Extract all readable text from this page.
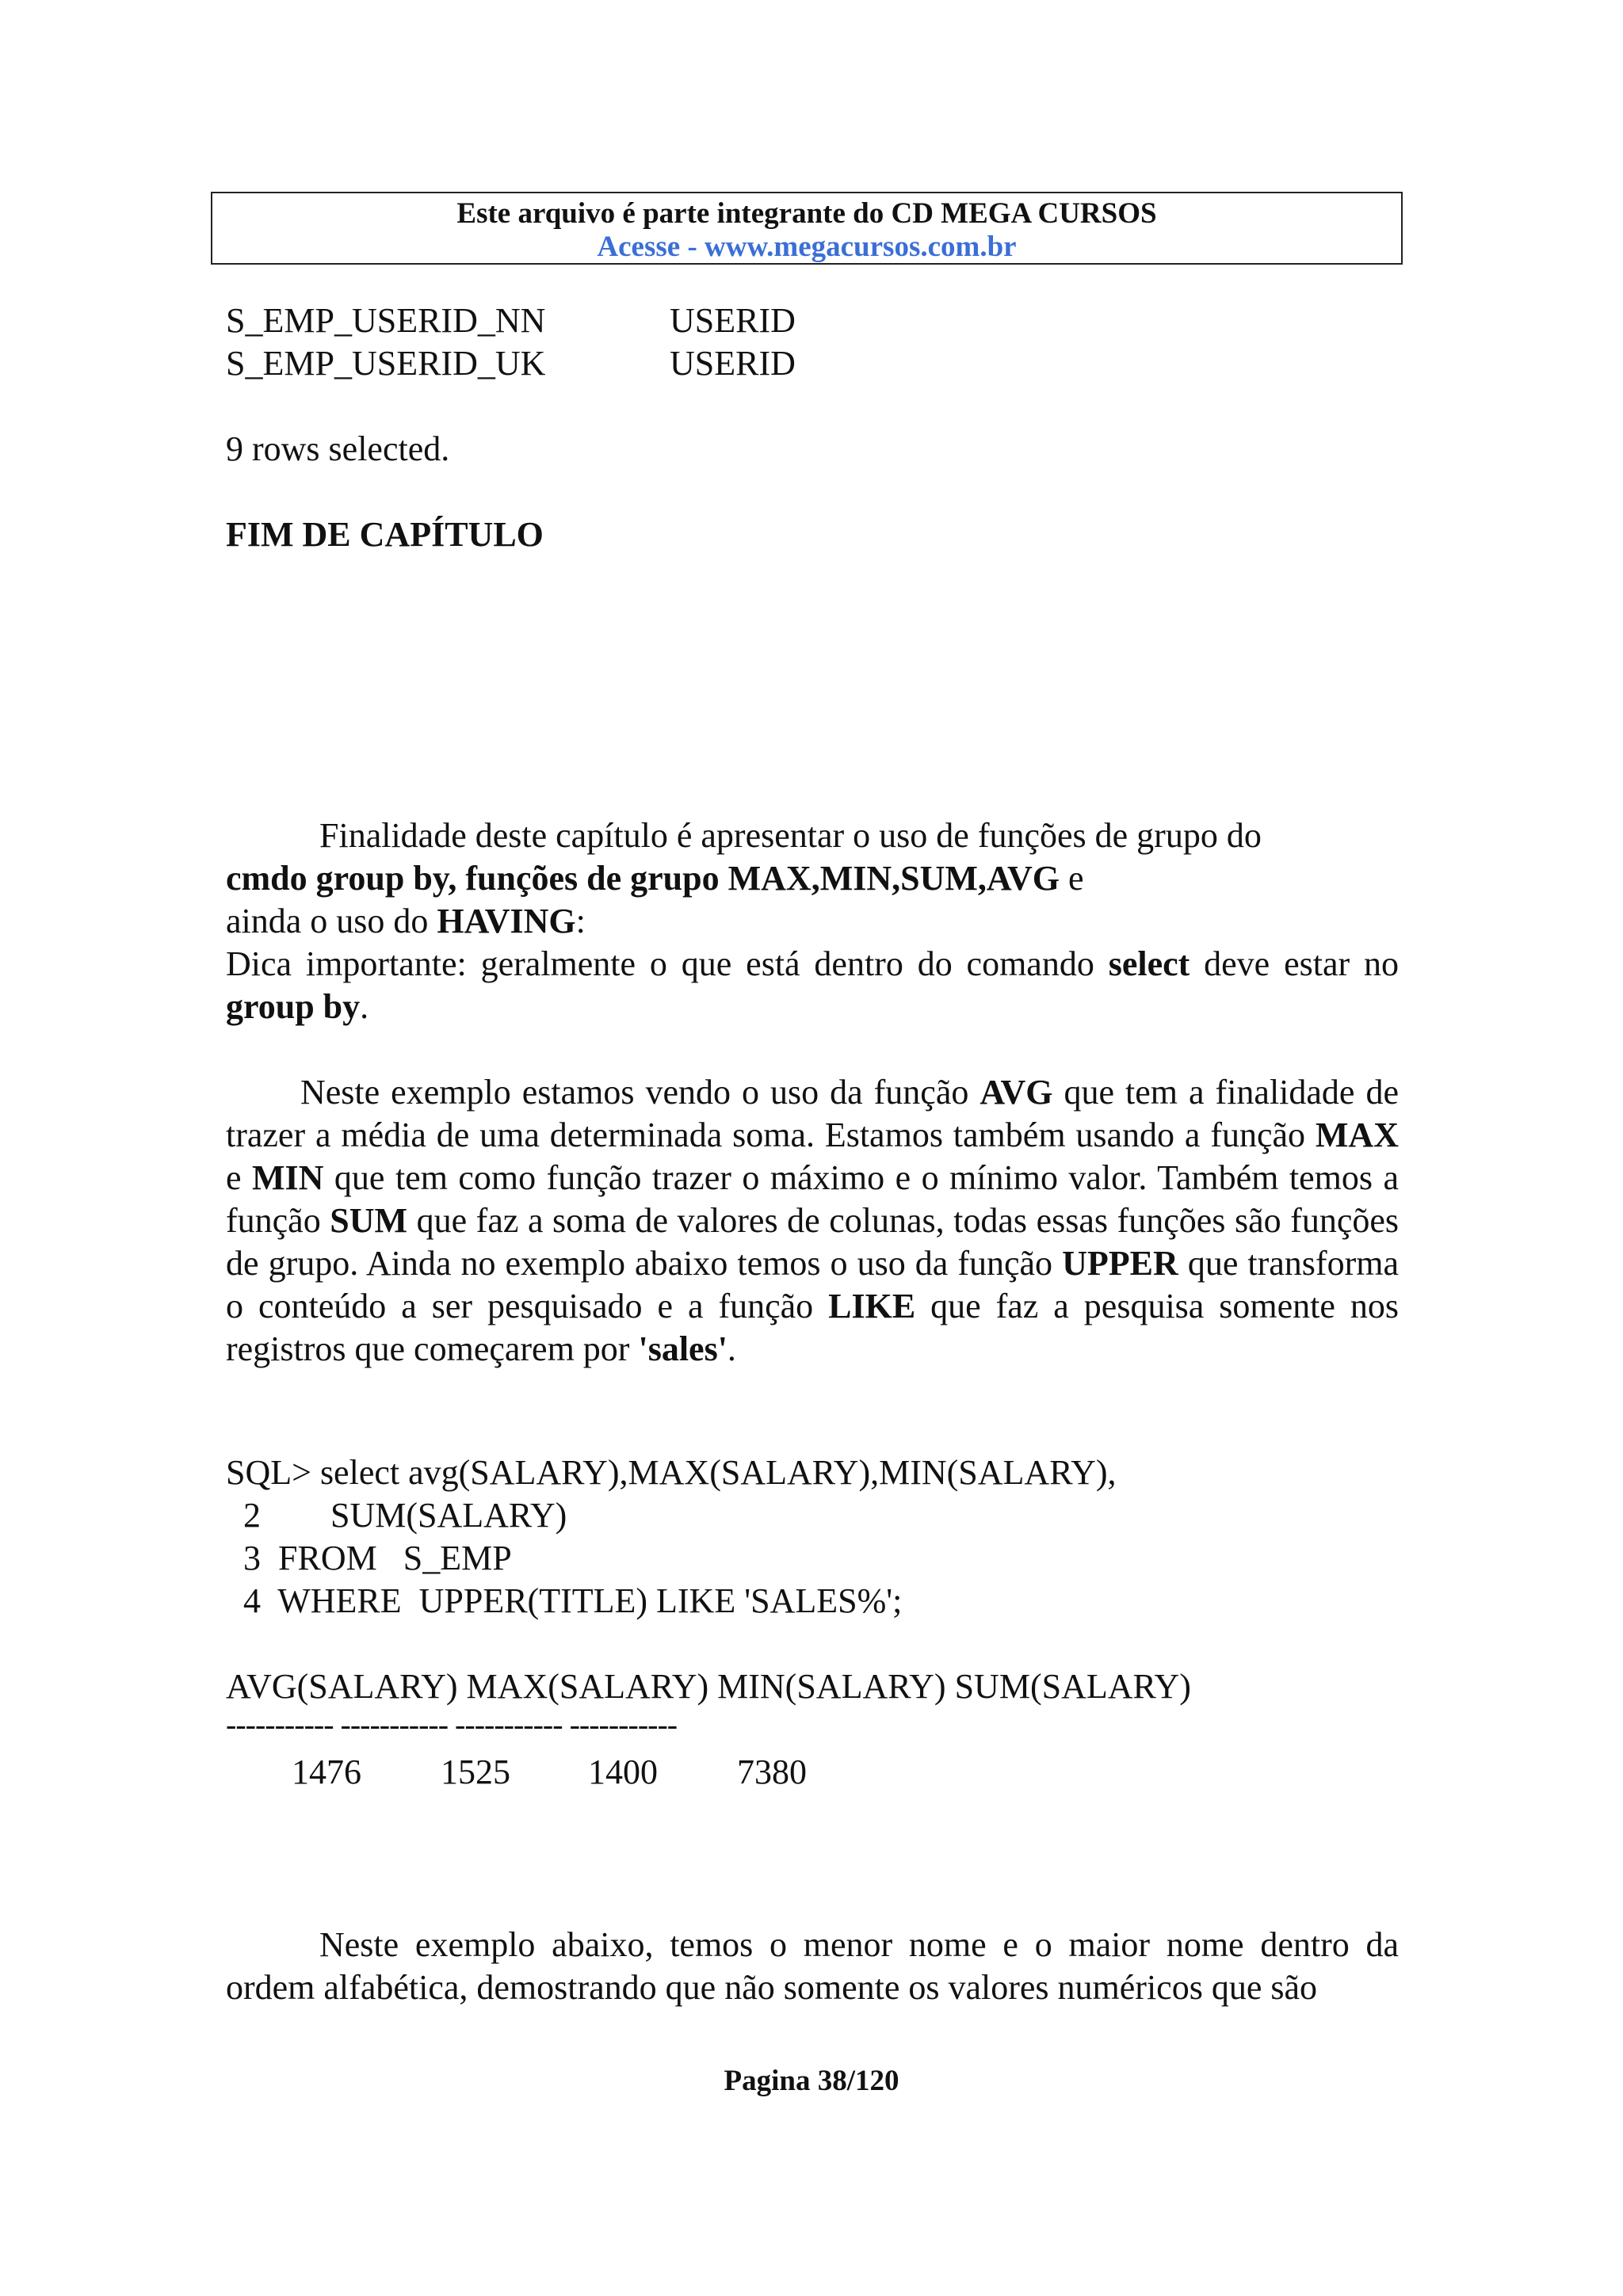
Este arquivo é parte integrante do CD MEGA CURSOS
Acesse - www.megacursos.com.br
S_EMP_USERID_NN	USERID
S_EMP_USERID_UK	USERID
9 rows selected.
FIM DE CAPÍTULO
Finalidade deste capítulo é apresentar o uso de funções de grupo do
cmdo group by, funções de grupo MAX,MIN,SUM,AVG e
ainda o uso do HAVING:
Dica importante: geralmente o que está dentro do comando select deve estar no group by.
Neste exemplo estamos vendo o uso da função AVG que tem a finalidade de trazer a média de uma determinada soma. Estamos também usando a função MAX e MIN que tem como função trazer o máximo e o mínimo valor. Também temos a função SUM que faz a soma de valores de colunas, todas essas funções são funções de grupo. Ainda no exemplo abaixo temos o uso da função UPPER que transforma o conteúdo a ser pesquisado e a função LIKE que faz a pesquisa somente nos registros que começarem por 'sales'.
SQL> select avg(SALARY),MAX(SALARY),MIN(SALARY),
2        SUM(SALARY)
3  FROM   S_EMP
4  WHERE  UPPER(TITLE) LIKE 'SALES%';
AVG(SALARY) MAX(SALARY) MIN(SALARY) SUM(SALARY)
----------- ----------- ----------- -----------
1476 1525 1400 7380
Neste exemplo abaixo, temos o menor nome e o maior nome dentro da ordem alfabética, demostrando que não somente os valores numéricos que são
Pagina 38/120
